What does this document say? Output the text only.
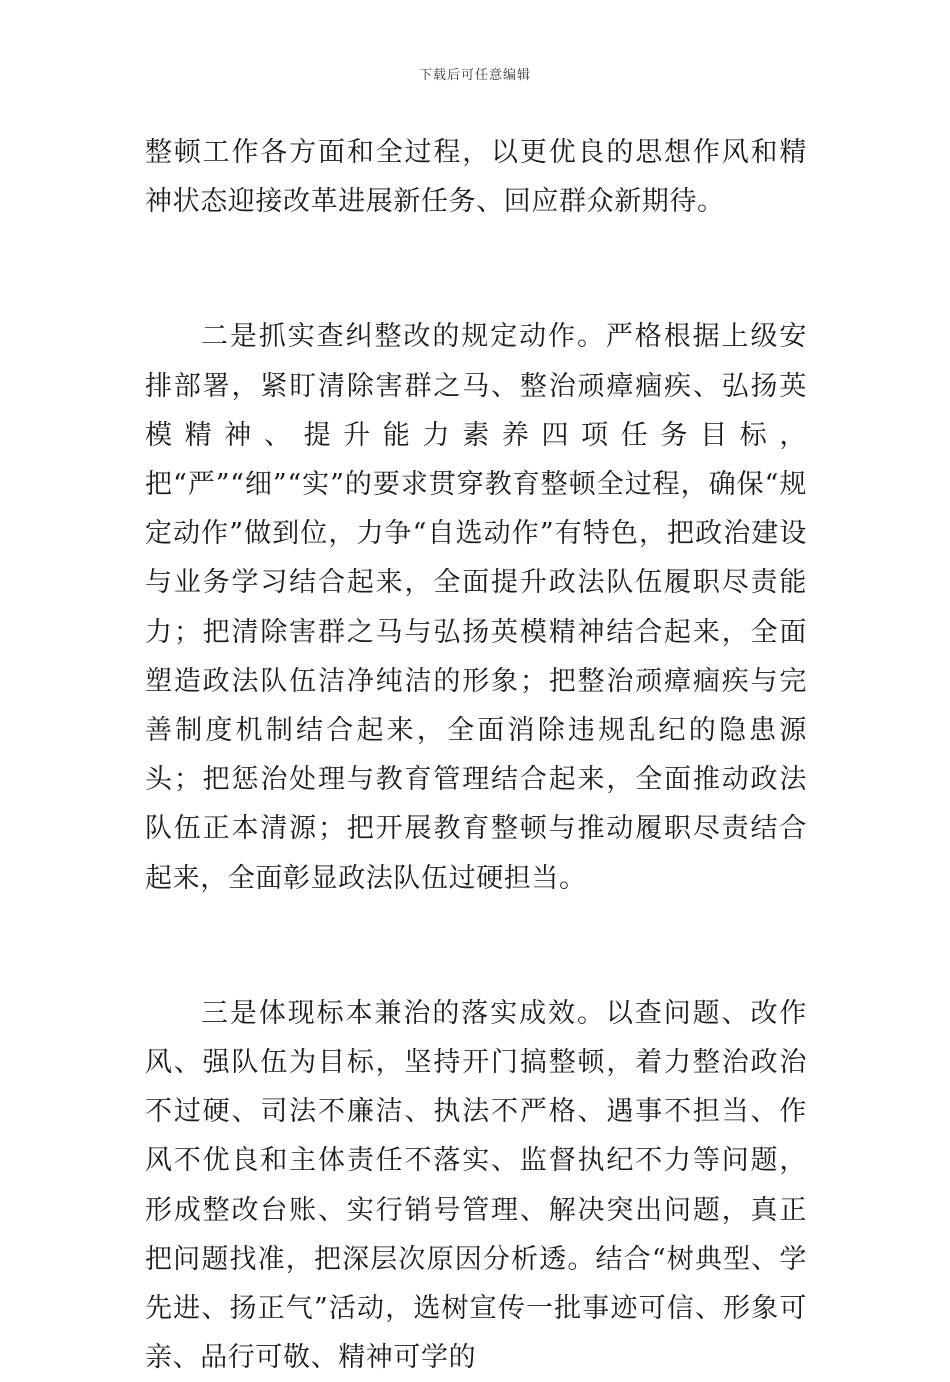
下载后可任意编辑

整顿工作各方面和全过程，以更优良的思想作风和精神状态迎接改革进展新任务、回应群众新期待。

二是抓实查纠整改的规定动作。严格根据上级安排部署，紧盯清除害群之马、整治顽瘴痼疾、弘扬英模精神、提升能力素养四项任务目标，把“严”“细”“实”的要求贯穿教育整顿全过程，确保“规定动作”做到位，力争“自选动作”有特色，把政治建设与业务学习结合起来，全面提升政法队伍履职尽责能力；把清除害群之马与弘扬英模精神结合起来，全面塑造政法队伍洁净纯洁的形象；把整治顽瘴痼疾与完善制度机制结合起来，全面消除违规乱纪的隐患源头；把惩治处理与教育管理结合起来，全面推动政法队伍正本清源；把开展教育整顿与推动履职尽责结合起来，全面彰显政法队伍过硬担当。

三是体现标本兼治的落实成效。以查问题、改作风、强队伍为目标，坚持开门搞整顿，着力整治政治不过硬、司法不廉洁、执法不严格、遇事不担当、作风不优良和主体责任不落实、监督执纪不力等问题，形成整改台账、实行销号管理、解决突出问题，真正把问题找准，把深层次原因分析透。结合“树典型、学先进、扬正气”活动，选树宣传一批事迹可信、形象可亲、品行可敬、精神可学的
